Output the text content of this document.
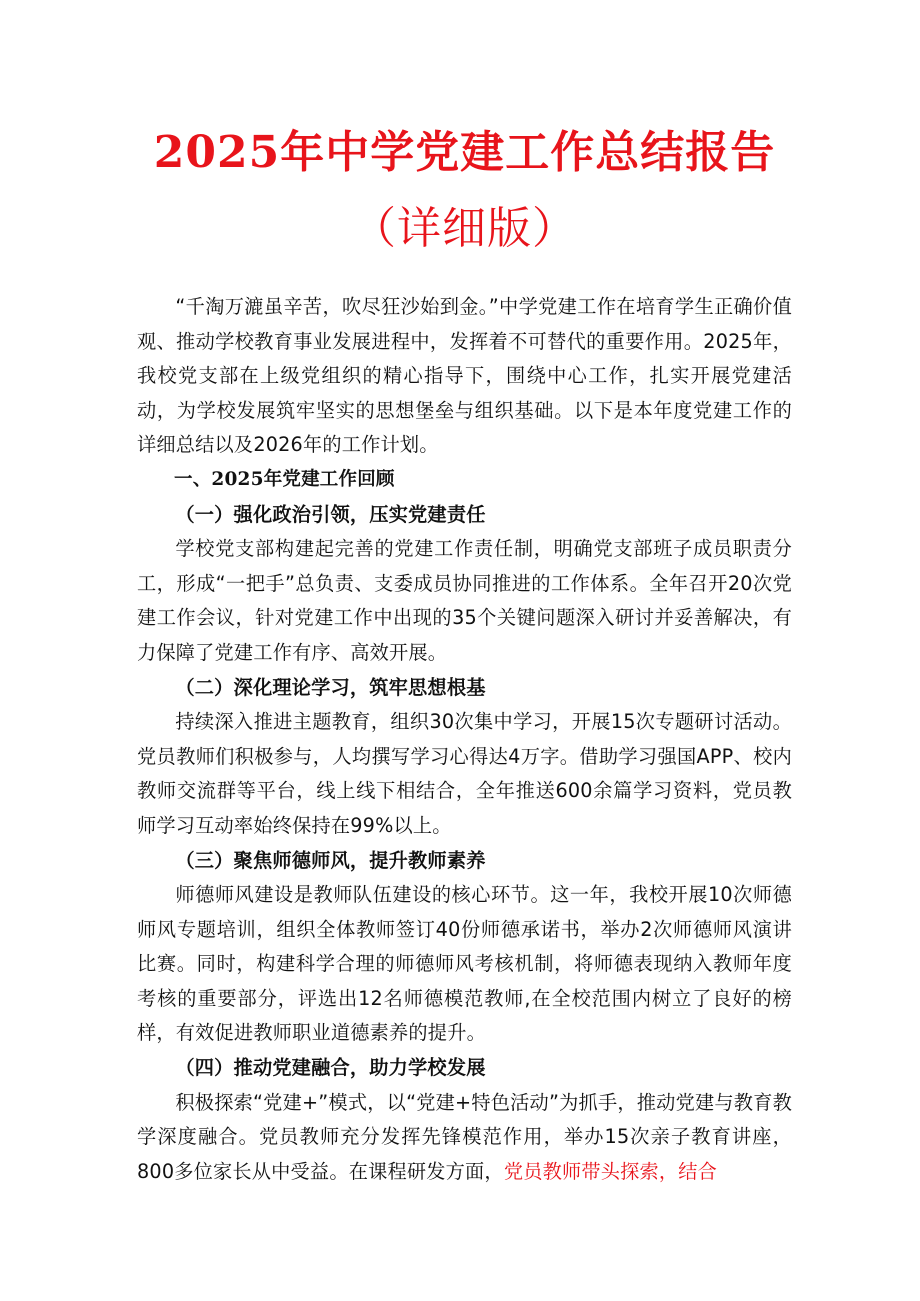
2025年中学党建工作总结报告
（详细版）

“千淘万漉虽辛苦，吹尽狂沙始到金。”中学党建工作在培育学生正确价值观、推动学校教育事业发展进程中，发挥着不可替代的重要作用。2025年，我校党支部在上级党组织的精心指导下，围绕中心工作，扎实开展党建活动，为学校发展筑牢坚实的思想堡垒与组织基础。以下是本年度党建工作的详细总结以及2026年的工作计划。

一、2025年党建工作回顾

（一）强化政治引领，压实党建责任

学校党支部构建起完善的党建工作责任制，明确党支部班子成员职责分工，形成“一把手”总负责、支委成员协同推进的工作体系。全年召开20次党建工作会议，针对党建工作中出现的35个关键问题深入研讨并妥善解决，有力保障了党建工作有序、高效开展。

（二）深化理论学习，筑牢思想根基

持续深入推进主题教育，组织30次集中学习，开展15次专题研讨活动。党员教师们积极参与，人均撰写学习心得达4万字。借助学习强国APP、校内教师交流群等平台，线上线下相结合，全年推送600余篇学习资料，党员教师学习互动率始终保持在99%以上。

（三）聚焦师德师风，提升教师素养

师德师风建设是教师队伍建设的核心环节。这一年，我校开展10次师德师风专题培训，组织全体教师签订40份师德承诺书，举办2次师德师风演讲比赛。同时，构建科学合理的师德师风考核机制，将师德表现纳入教师年度考核的重要部分，评选出12名师德模范教师,在全校范围内树立了良好的榜样，有效促进教师职业道德素养的提升。

（四）推动党建融合，助力学校发展

积极探索“党建+”模式，以“党建+特色活动”为抓手，推动党建与教育教学深度融合。党员教师充分发挥先锋模范作用，举办15次亲子教育讲座，800多位家长从中受益。在课程研发方面，党员教师带头探索，结合
